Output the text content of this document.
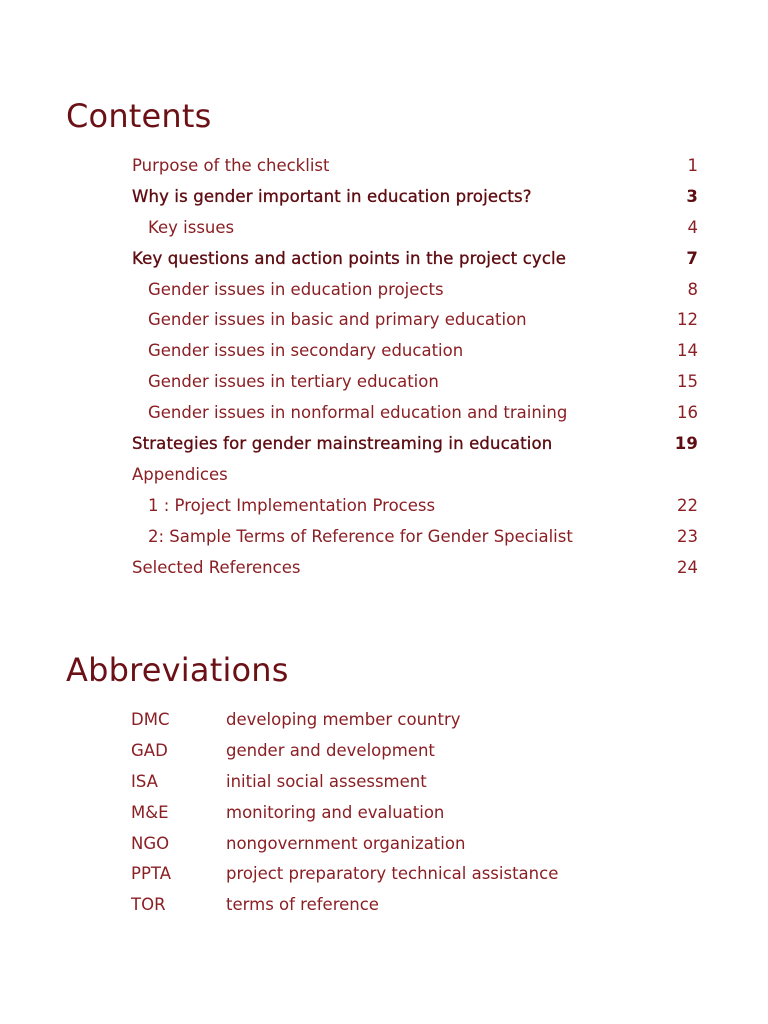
Contents
Purpose of the checklist	1
Why is gender important in education projects?	3
Key issues	4
Key questions and action points in the project cycle	7
Gender issues in education projects	8
Gender issues in basic and primary education	12
Gender issues in secondary education	14
Gender issues in tertiary education	15
Gender issues in nonformal education and training	16
Strategies for gender mainstreaming in education	19
Appendices
1 : Project Implementation Process	22
2: Sample Terms of Reference for Gender Specialist	23
Selected References	24
Abbreviations
DMC	developing member country
GAD	gender and development
ISA	initial social assessment
M&E	monitoring and evaluation
NGO	nongovernment organization
PPTA	project preparatory technical assistance
TOR	terms of reference
